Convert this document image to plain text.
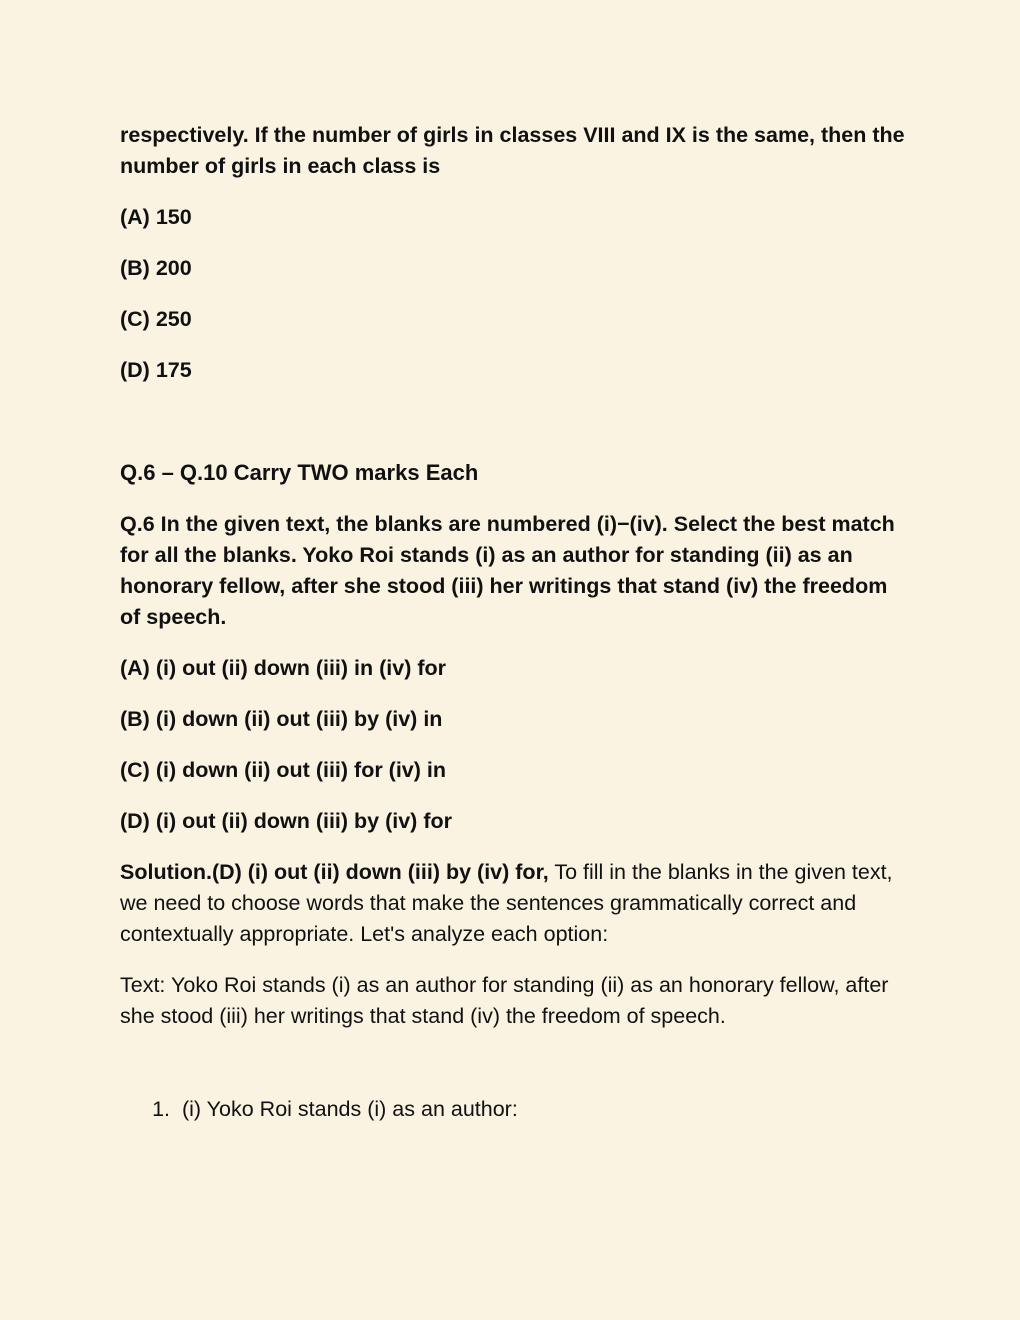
respectively. If the number of girls in classes VIII and IX is the same, then the number of girls in each class is

(A) 150

(B) 200

(C) 250

(D) 175

Q.6 – Q.10 Carry TWO marks Each

Q.6 In the given text, the blanks are numbered (i)−(iv). Select the best match for all the blanks. Yoko Roi stands (i) as an author for standing (ii) as an honorary fellow, after she stood (iii) her writings that stand (iv) the freedom of speech.

(A) (i) out (ii) down (iii) in (iv) for

(B) (i) down (ii) out (iii) by (iv) in

(C) (i) down (ii) out (iii) for (iv) in

(D) (i) out (ii) down (iii) by (iv) for

Solution.(D) (i) out (ii) down (iii) by (iv) for, To fill in the blanks in the given text, we need to choose words that make the sentences grammatically correct and contextually appropriate. Let's analyze each option:

Text: Yoko Roi stands (i) as an author for standing (ii) as an honorary fellow, after she stood (iii) her writings that stand (iv) the freedom of speech.

1. (i) Yoko Roi stands (i) as an author:
